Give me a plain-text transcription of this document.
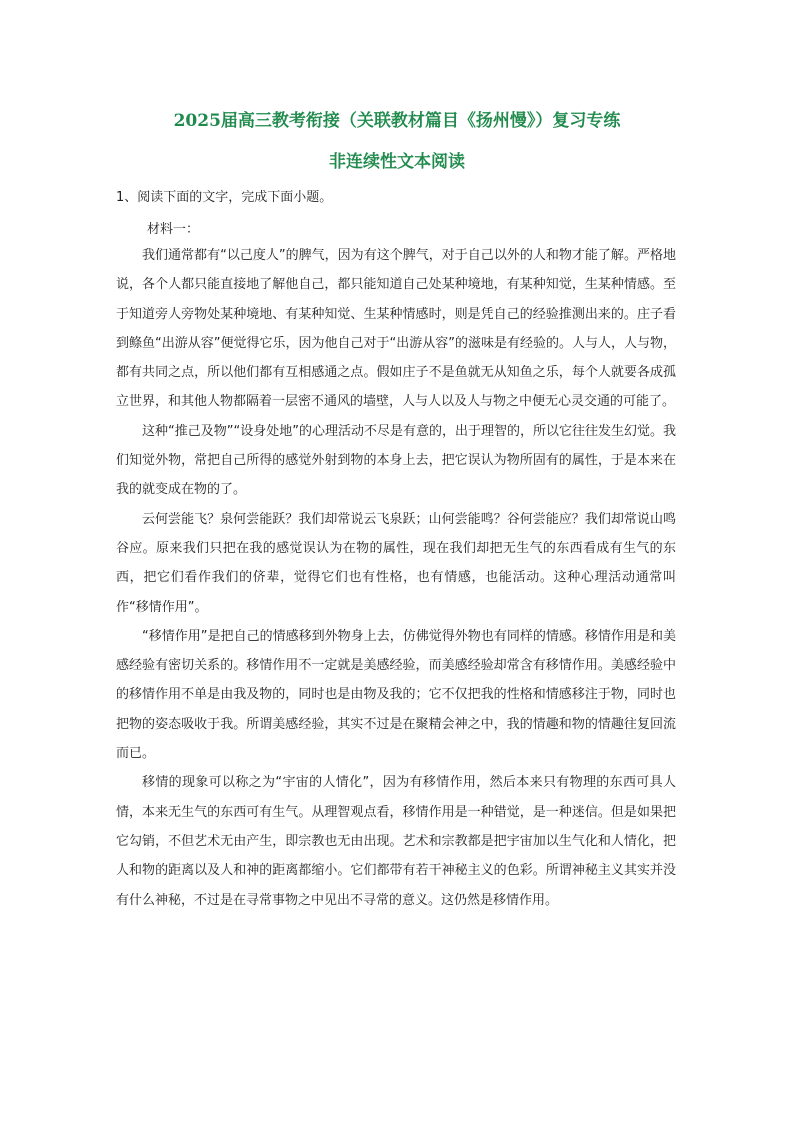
2025届高三教考衔接（关联教材篇目《扬州慢》）复习专练
非连续性文本阅读
1、阅读下面的文字，完成下面小题。
材料一：

我们通常都有“以己度人”的脾气，因为有这个脾气，对于自己以外的人和物才能了解。严格地说，各个人都只能直接地了解他自己，都只能知道自己处某种境地，有某种知觉，生某种情感。至于知道旁人旁物处某种境地、有某种知觉、生某种情感时，则是凭自己的经验推测出来的。庄子看到鲦鱼“出游从容”便觉得它乐，因为他自己对于“出游从容”的滋味是有经验的。人与人，人与物，都有共同之点，所以他们都有互相感通之点。假如庄子不是鱼就无从知鱼之乐，每个人就要各成孤立世界，和其他人物都隔着一层密不通风的墙壁，人与人以及人与物之中便无心灵交通的可能了。

这种“推己及物”“设身处地”的心理活动不尽是有意的，出于理智的，所以它往往发生幻觉。我们知觉外物，常把自己所得的感觉外射到物的本身上去，把它误认为物所固有的属性，于是本来在我的就变成在物的了。

云何尝能飞？泉何尝能跃？我们却常说云飞泉跃；山何尝能鸣？谷何尝能应？我们却常说山鸣谷应。原来我们只把在我的感觉误认为在物的属性，现在我们却把无生气的东西看成有生气的东西，把它们看作我们的侪辈，觉得它们也有性格，也有情感，也能活动。这种心理活动通常叫作“移情作用”。

“移情作用”是把自己的情感移到外物身上去，仿佛觉得外物也有同样的情感。移情作用是和美感经验有密切关系的。移情作用不一定就是美感经验，而美感经验却常含有移情作用。美感经验中的移情作用不单是由我及物的，同时也是由物及我的；它不仅把我的性格和情感移注于物，同时也把物的姿态吸收于我。所谓美感经验，其实不过是在聚精会神之中，我的情趣和物的情趣往复回流而已。

移情的现象可以称之为“宇宙的人情化”，因为有移情作用，然后本来只有物理的东西可具人情，本来无生气的东西可有生气。从理智观点看，移情作用是一种错觉，是一种迷信。但是如果把它勾销，不但艺术无由产生，即宗教也无由出现。艺术和宗教都是把宇宙加以生气化和人情化，把人和物的距离以及人和神的距离都缩小。它们都带有若干神秘主义的色彩。所谓神秘主义其实并没有什么神秘，不过是在寻常事物之中见出不寻常的意义。这仍然是移情作用。
